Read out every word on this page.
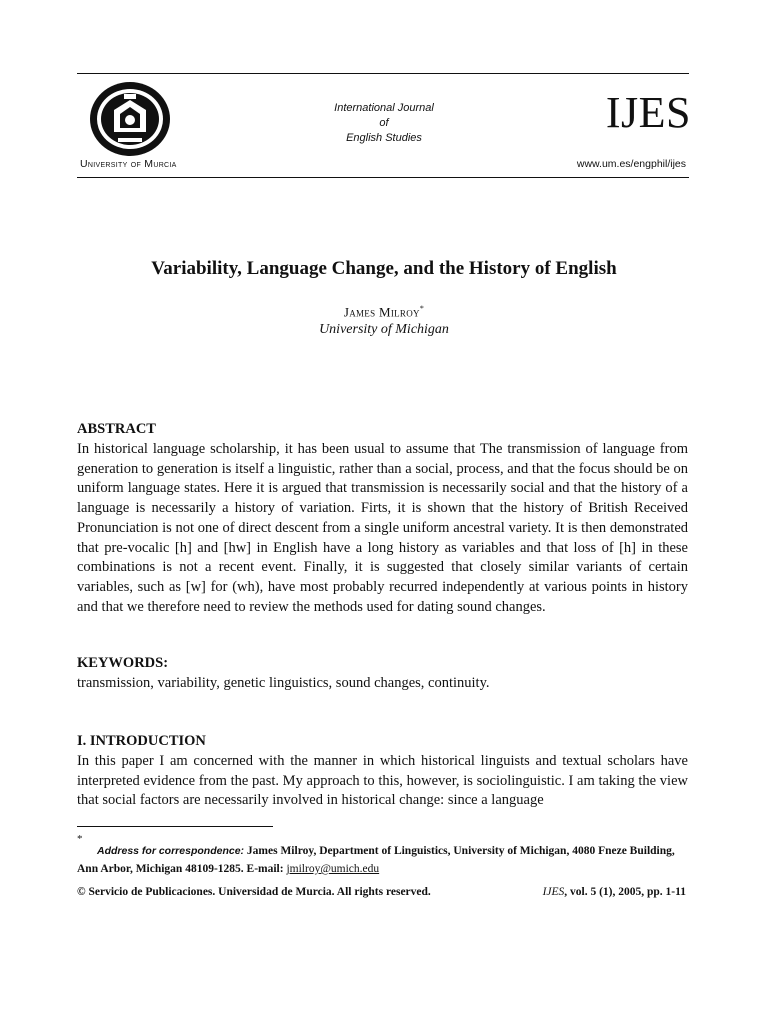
International Journal
of
English Studies
IJES
University of Murcia	www.um.es/engphil/ijes
Variability, Language Change, and the History of English
James Milroy*
University of Michigan
ABSTRACT
In historical language scholarship, it has been usual to assume that The transmission of language from generation to generation is itself a linguistic, rather than a social, process, and that the focus should be on uniform language states. Here it is argued that transmission is necessarily social and that the history of a language is necessarily a history of variation. Firts, it is shown that the history of British Received Pronunciation is not one of direct descent from a single uniform ancestral variety. It is then demonstrated that pre-vocalic [h] and [hw] in English have a long history as variables and that loss of [h] in these combinations is not a recent event. Finally, it is suggested that closely similar variants of certain variables, such as [w] for (wh), have most probably recurred independently at various points in history and that we therefore need to review the methods used for dating sound changes.
KEYWORDS:
transmission, variability, genetic linguistics, sound changes, continuity.
I. INTRODUCTION
In this paper I am concerned with the manner in which historical linguists and textual scholars have interpreted evidence from the past. My approach to this, however, is sociolinguistic. I am taking the view that social factors are necessarily involved in historical change: since a language
*
Address for correspondence: James Milroy, Department of Linguistics, University of Michigan, 4080 Fneze Building, Ann Arbor, Michigan 48109-1285. E-mail: jmilroy@umich.edu
© Servicio de Publicaciones. Universidad de Murcia. All rights reserved.	IJES, vol. 5 (1), 2005, pp. 1-11
